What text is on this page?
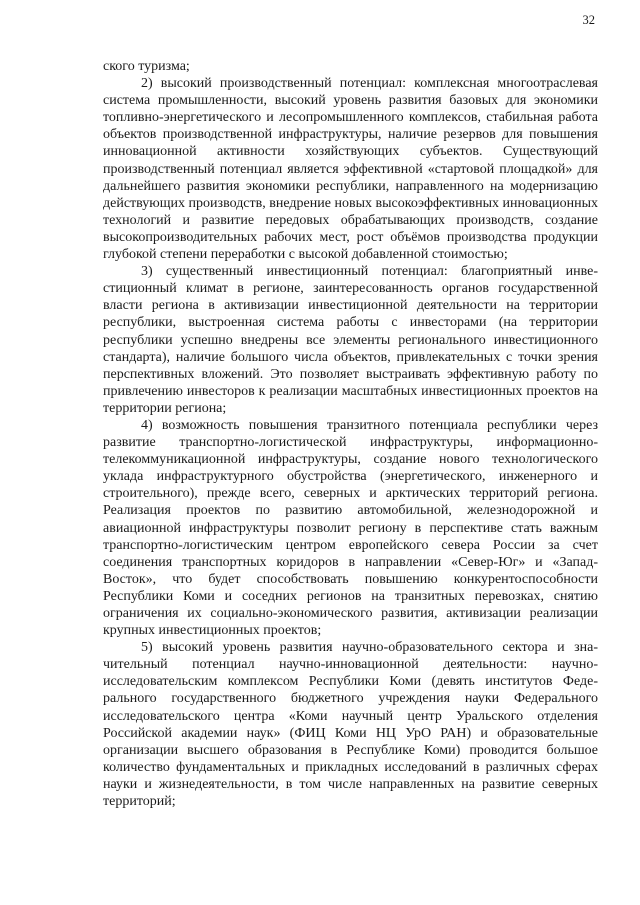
32

ского туризма;

2) высокий производственный потенциал: комплексная многоотраслевая система промышленности, высокий уровень развития базовых для экономики топливно-энергетического и лесопромышленного комплексов, стабильная работа объектов производственной инфраструктуры, наличие резервов для повышения инновационной активности хозяйствующих субъектов. Существующий производственный потенциал является эффективной «стартовой площадкой» для дальнейшего развития экономики республики, направленного на модернизацию действующих производств, внедрение новых высокоэффективных инновационных технологий и развитие передовых обрабатывающих производств, создание высокопроизводительных рабочих мест, рост объёмов производства продукции глубокой степени переработки с высокой добавленной стоимостью;

3) существенный инвестиционный потенциал: благоприятный инвестиционный климат в регионе, заинтересованность органов государственной власти региона в активизации инвестиционной деятельности на территории республики, выстроенная система работы с инвесторами (на территории республики успешно внедрены все элементы регионального инвестиционного стандарта), наличие большого числа объектов, привлекательных с точки зрения перспективных вложений. Это позволяет выстраивать эффективную работу по привлечению инвесторов к реализации масштабных инвестиционных проектов на территории региона;

4) возможность повышения транзитного потенциала республики через развитие транспортно-логистической инфраструктуры, информационно-телекоммуникационной инфраструктуры, создание нового технологического уклада инфраструктурного обустройства (энергетического, инженерного и строительного), прежде всего, северных и арктических территорий региона. Реализация проектов по развитию автомобильной, железнодорожной и авиационной инфраструктуры позволит региону в перспективе стать важным транспортно-логистическим центром европейского севера России за счет соединения транспортных коридоров в направлении «Север-Юг» и «Запад-Восток», что будет способствовать повышению конкурентоспособности Республики Коми и соседних регионов на транзитных перевозках, снятию ограничения их социально-экономического развития, активизации реализации крупных инвестиционных проектов;

5) высокий уровень развития научно-образовательного сектора и значительный потенциал научно-инновационной деятельности: научно-исследовательским комплексом Республики Коми (девять институтов Федерального государственного бюджетного учреждения науки Федерального исследовательского центра «Коми научный центр Уральского отделения Российской академии наук» (ФИЦ Коми НЦ УрО РАН) и образовательные организации высшего образования в Республике Коми) проводится большое количество фундаментальных и прикладных исследований в различных сферах науки и жизнедеятельности, в том числе направленных на развитие северных территорий;
